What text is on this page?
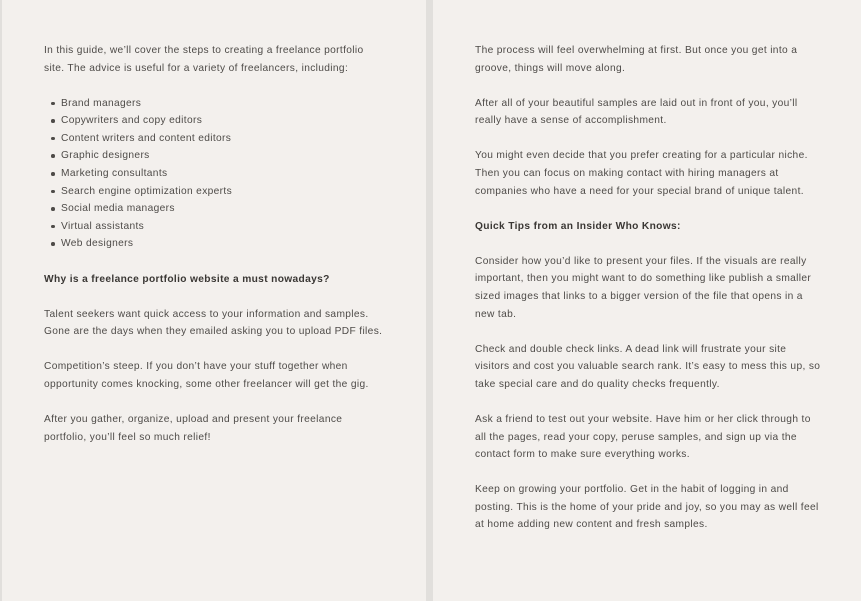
In this guide, we’ll cover the steps to creating a freelance portfolio site. The advice is useful for a variety of freelancers, including:

Brand managers
Copywriters and copy editors
Content writers and content editors
Graphic designers
Marketing consultants
Search engine optimization experts
Social media managers
Virtual assistants
Web designers

Why is a freelance portfolio website a must nowadays?

Talent seekers want quick access to your information and samples. Gone are the days when they emailed asking you to upload PDF files.

Competition’s steep. If you don’t have your stuff together when opportunity comes knocking, some other freelancer will get the gig.

After you gather, organize, upload and present your freelance portfolio, you’ll feel so much relief!

The process will feel overwhelming at first. But once you get into a groove, things will move along.

After all of your beautiful samples are laid out in front of you, you’ll really have a sense of accomplishment.

You might even decide that you prefer creating for a particular niche. Then you can focus on making contact with hiring managers at companies who have a need for your special brand of unique talent.

Quick Tips from an Insider Who Knows:

Consider how you’d like to present your files. If the visuals are really important, then you might want to do something like publish a smaller sized images that links to a bigger version of the file that opens in a new tab.

Check and double check links. A dead link will frustrate your site visitors and cost you valuable search rank. It’s easy to mess this up, so take special care and do quality checks frequently.

Ask a friend to test out your website. Have him or her click through to all the pages, read your copy, peruse samples, and sign up via the contact form to make sure everything works.

Keep on growing your portfolio. Get in the habit of logging in and posting. This is the home of your pride and joy, so you may as well feel at home adding new content and fresh samples.
